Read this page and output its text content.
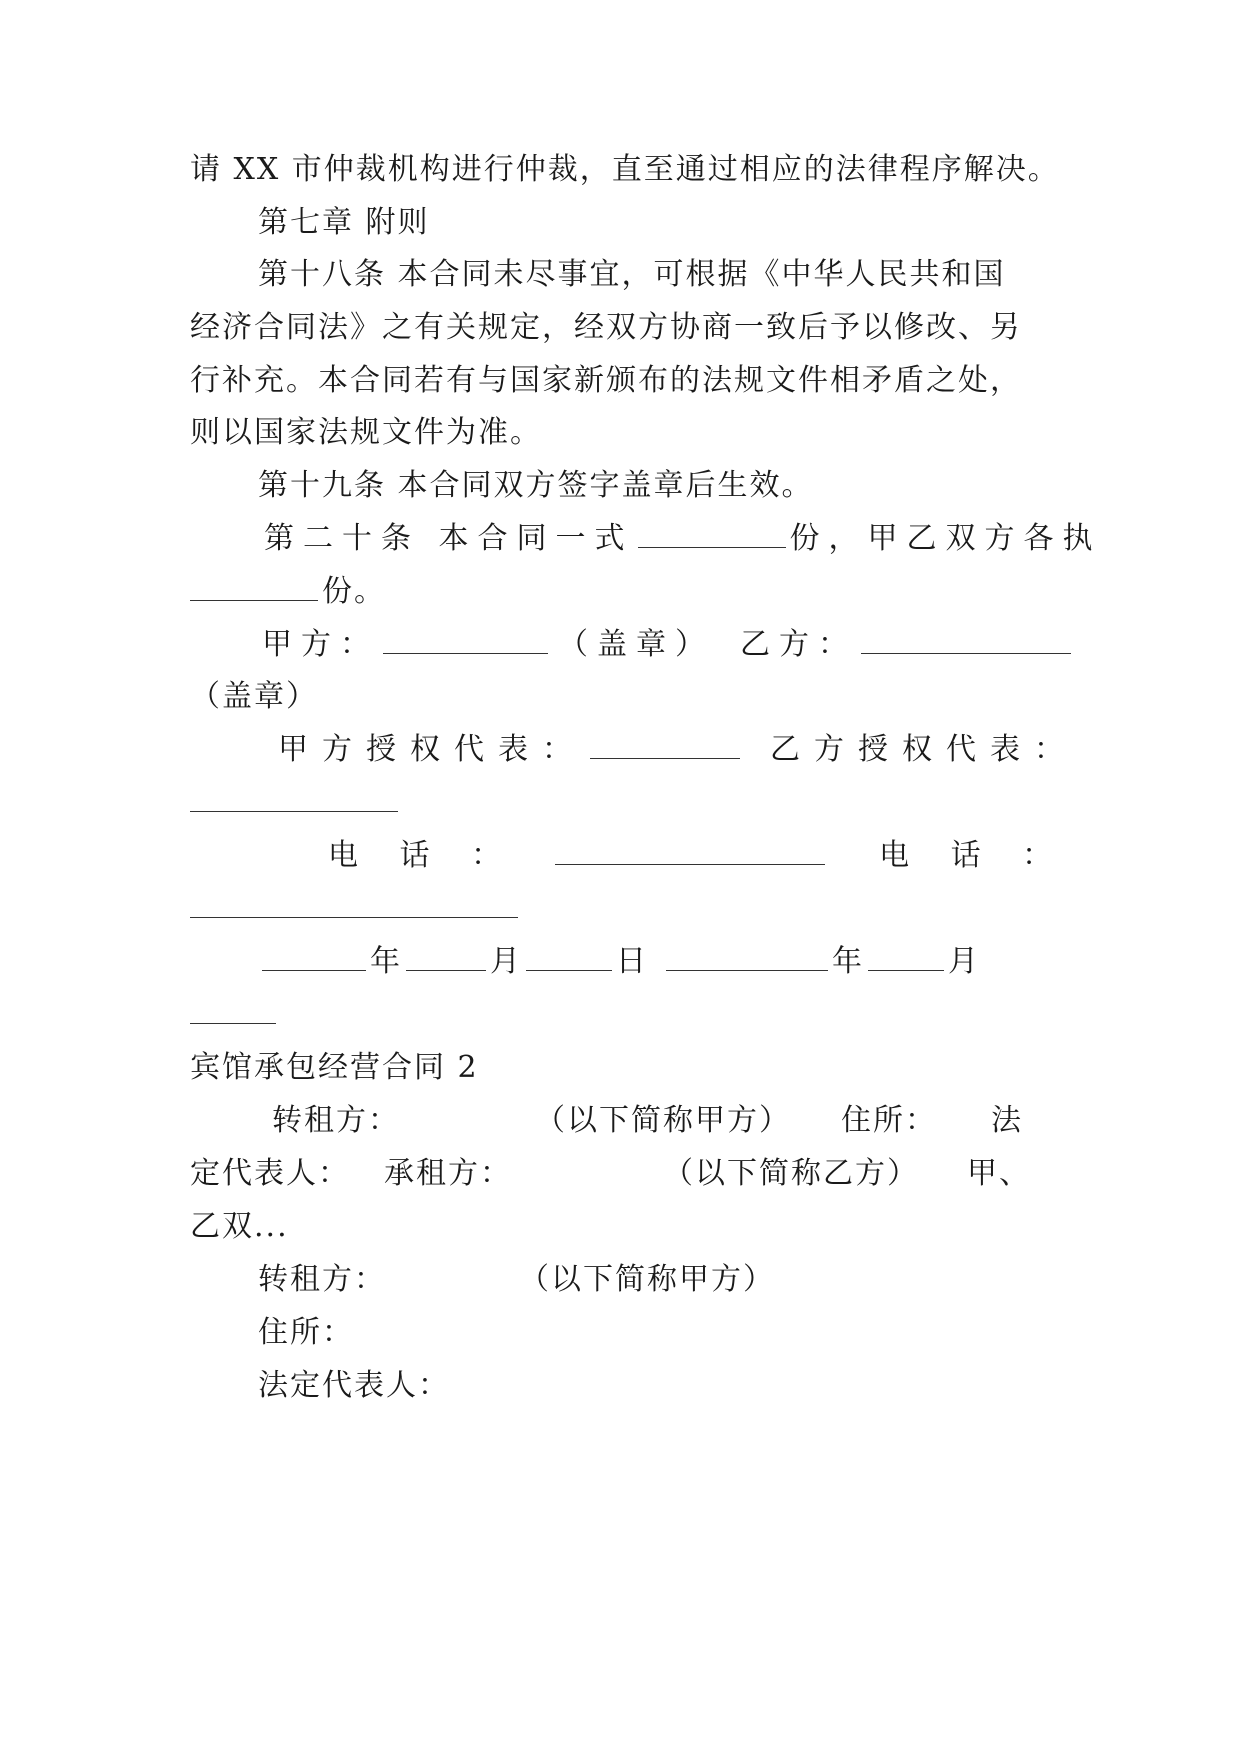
请 XX 市仲裁机构进行仲裁，直至通过相应的法律程序解决。
第七章 附则
第十八条 本合同未尽事宜，可根据《中华人民共和国
经济合同法》之有关规定，经双方协商一致后予以修改、另
行补充。本合同若有与国家新颁布的法规文件相矛盾之处，
则以国家法规文件为准。
第十九条 本合同双方签字盖章后生效。
第二十条 本合同一式	份，甲乙双方各执
份。
甲方：	（盖章） 乙方：
（盖章）
甲方授权代表：	乙方授权代表：
电 话 ：	电 话 ：
年	月	日	年	月
宾馆承包经营合同 2
转租方：	（以下简称甲方） 住所： 法
定代表人： 承租方：	（以下简称乙方） 甲、
乙双...
转租方：	（以下简称甲方）
住所：
法定代表人：
